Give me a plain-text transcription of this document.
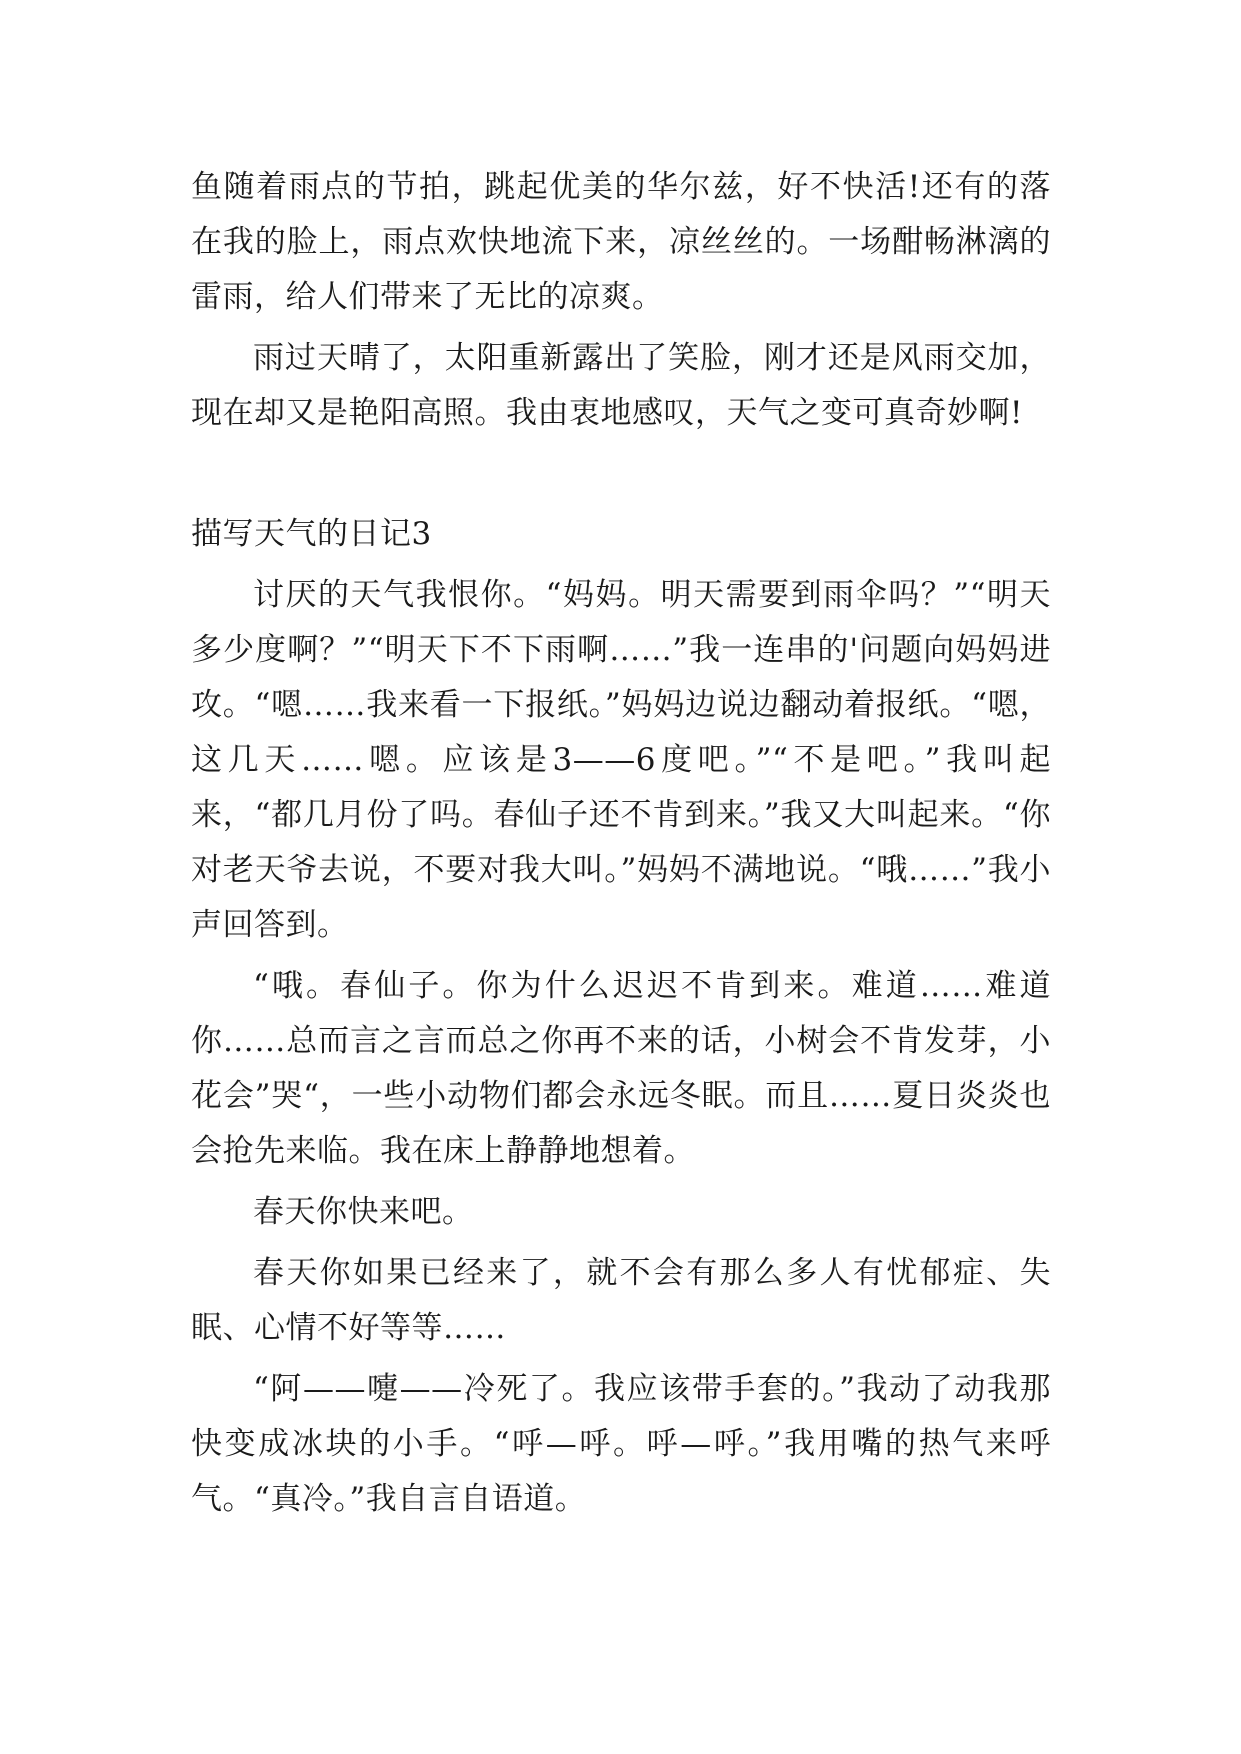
鱼随着雨点的节拍，跳起优美的华尔兹，好不快活!还有的落在我的脸上，雨点欢快地流下来，凉丝丝的。一场酣畅淋漓的雷雨，给人们带来了无比的凉爽。

雨过天晴了，太阳重新露出了笑脸，刚才还是风雨交加，现在却又是艳阳高照。我由衷地感叹，天气之变可真奇妙啊!

描写天气的日记3

讨厌的天气我恨你。“妈妈。明天需要到雨伞吗？”“明天多少度啊？”“明天下不下雨啊……”我一连串的'问题向妈妈进攻。“嗯……我来看一下报纸。”妈妈边说边翻动着报纸。“嗯，这几天……嗯。应该是3——6度吧。”“不是吧。”我叫起来，“都几月份了吗。春仙子还不肯到来。”我又大叫起来。“你对老天爷去说，不要对我大叫。”妈妈不满地说。“哦……”我小声回答到。

“哦。春仙子。你为什么迟迟不肯到来。难道……难道你……总而言之言而总之你再不来的话，小树会不肯发芽，小花会”哭“，一些小动物们都会永远冬眠。而且……夏日炎炎也会抢先来临。我在床上静静地想着。

春天你快来吧。

春天你如果已经来了，就不会有那么多人有忧郁症、失眠、心情不好等等……

“阿——嚏——冷死了。我应该带手套的。”我动了动我那快变成冰块的小手。“呼—呼。呼—呼。”我用嘴的热气来呼气。“真冷。”我自言自语道。
